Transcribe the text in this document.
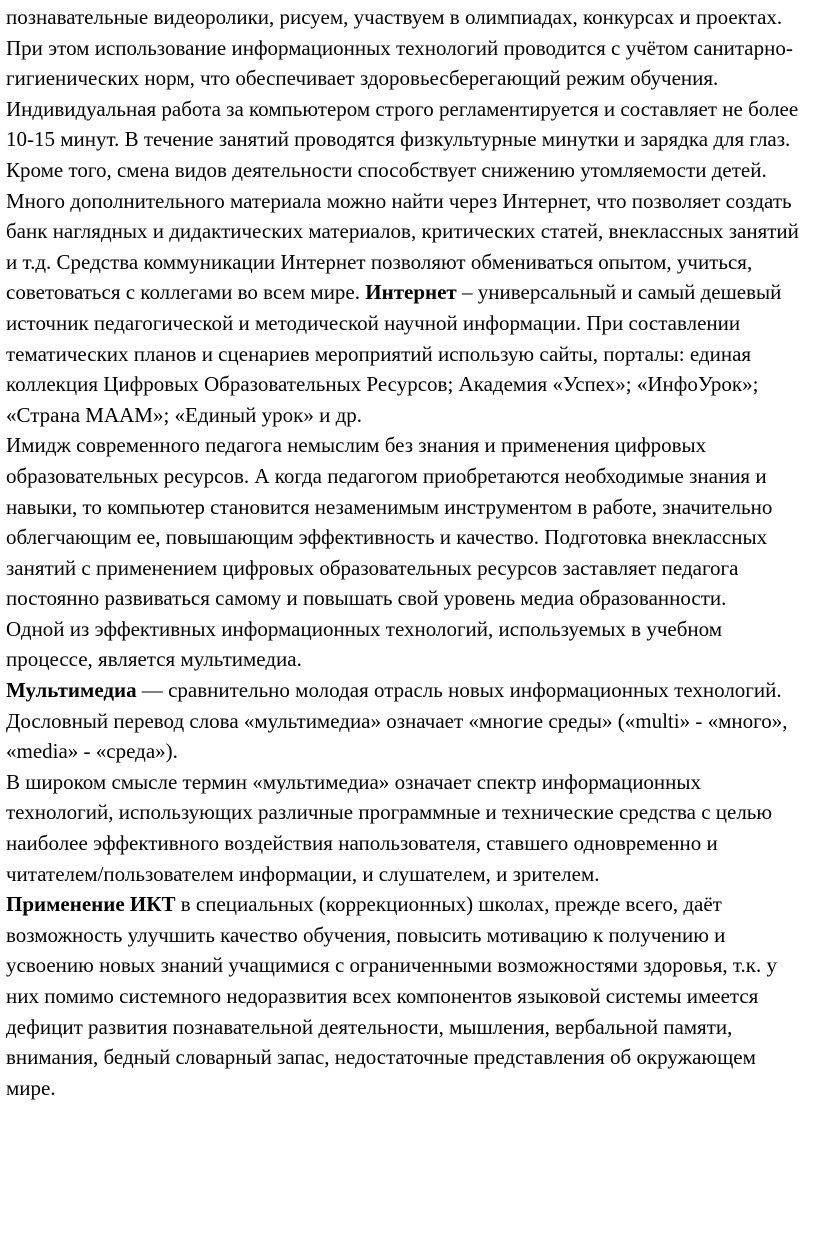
познавательные видеоролики, рисуем, участвуем в олимпиадах, конкурсах и проектах.

При этом использование информационных технологий проводится с учётом санитарно-гигиенических норм, что обеспечивает здоровьесберегающий режим обучения. Индивидуальная работа за компьютером строго регламентируется и составляет не более 10-15 минут. В течение занятий проводятся физкультурные минутки и зарядка для глаз. Кроме того, смена видов деятельности способствует снижению утомляемости детей.

Много дополнительного материала можно найти через Интернет, что позволяет создать банк наглядных и дидактических материалов, критических статей, внеклассных занятий и т.д. Средства коммуникации Интернет позволяют обмениваться опытом, учиться, советоваться с коллегами во всем мире. Интернет – универсальный и самый дешевый источник педагогической и методической научной информации. При составлении тематических планов и сценариев мероприятий использую сайты, порталы: единая коллекция Цифровых Образовательных Ресурсов; Академия «Успех»; «ИнфоУрок»; «Страна МААМ»; «Единый урок» и др.

Имидж современного педагога немыслим без знания и применения цифровых образовательных ресурсов. А когда педагогом приобретаются необходимые знания и навыки, то компьютер становится незаменимым инструментом в работе, значительно облегчающим ее, повышающим эффективность и качество. Подготовка внеклассных занятий с применением цифровых образовательных ресурсов заставляет педагога постоянно развиваться самому и повышать свой уровень медиа образованности.

Одной из эффективных информационных технологий, используемых в учебном процессе, является мультимедиа.

Мультимедиа — сравнительно молодая отрасль новых информационных технологий. Дословный перевод слова «мультимедиа» означает «многие среды» («multi» - «много», «media» - «среда»).

В широком смысле термин «мультимедиа» означает спектр информационных технологий, использующих различные программные и технические средства с целью наиболее эффективного воздействия напользователя, ставшего одновременно и читателем/пользователем информации, и слушателем, и зрителем.

Применение ИКТ в специальных (коррекционных) школах, прежде всего, даёт возможность улучшить качество обучения, повысить мотивацию к получению и усвоению новых знаний учащимися с ограниченными возможностями здоровья, т.к. у них помимо системного недоразвития всех компонентов языковой системы имеется дефицит развития познавательной деятельности, мышления, вербальной памяти, внимания, бедный словарный запас, недостаточные представления об окружающем мире.
